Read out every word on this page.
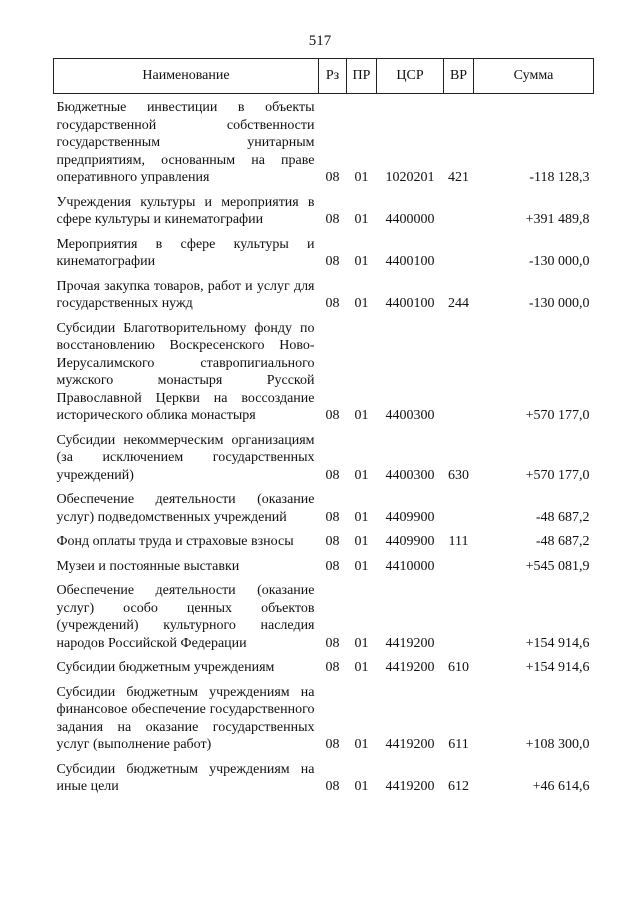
517
Наименование	Рз	ПР	ЦСР	ВР	Сумма
Бюджетные инвестиции в объекты государственной собственности государственным унитарным предприятиям, основанным на праве оперативного управления	08	01	1020201	421	-118 128,3
Учреждения культуры и мероприятия в сфере культуры и кинематографии	08	01	4400000		+391 489,8
Мероприятия в сфере культуры и кинематографии	08	01	4400100		-130 000,0
Прочая закупка товаров, работ и услуг для государственных нужд	08	01	4400100	244	-130 000,0
Субсидии Благотворительному фонду по восстановлению Воскресенского Ново-Иерусалимского ставропигиального мужского монастыря Русской Православной Церкви на воссоздание исторического облика монастыря	08	01	4400300		+570 177,0
Субсидии некоммерческим организациям (за исключением государственных учреждений)	08	01	4400300	630	+570 177,0
Обеспечение деятельности (оказание услуг) подведомственных учреждений	08	01	4409900		-48 687,2
Фонд оплаты труда и страховые взносы	08	01	4409900	111	-48 687,2
Музеи и постоянные выставки	08	01	4410000		+545 081,9
Обеспечение деятельности (оказание услуг) особо ценных объектов (учреждений) культурного наследия народов Российской Федерации	08	01	4419200		+154 914,6
Субсидии бюджетным учреждениям	08	01	4419200	610	+154 914,6
Субсидии бюджетным учреждениям на финансовое обеспечение государственного задания на оказание государственных услуг (выполнение работ)	08	01	4419200	611	+108 300,0
Субсидии бюджетным учреждениям на иные цели	08	01	4419200	612	+46 614,6
